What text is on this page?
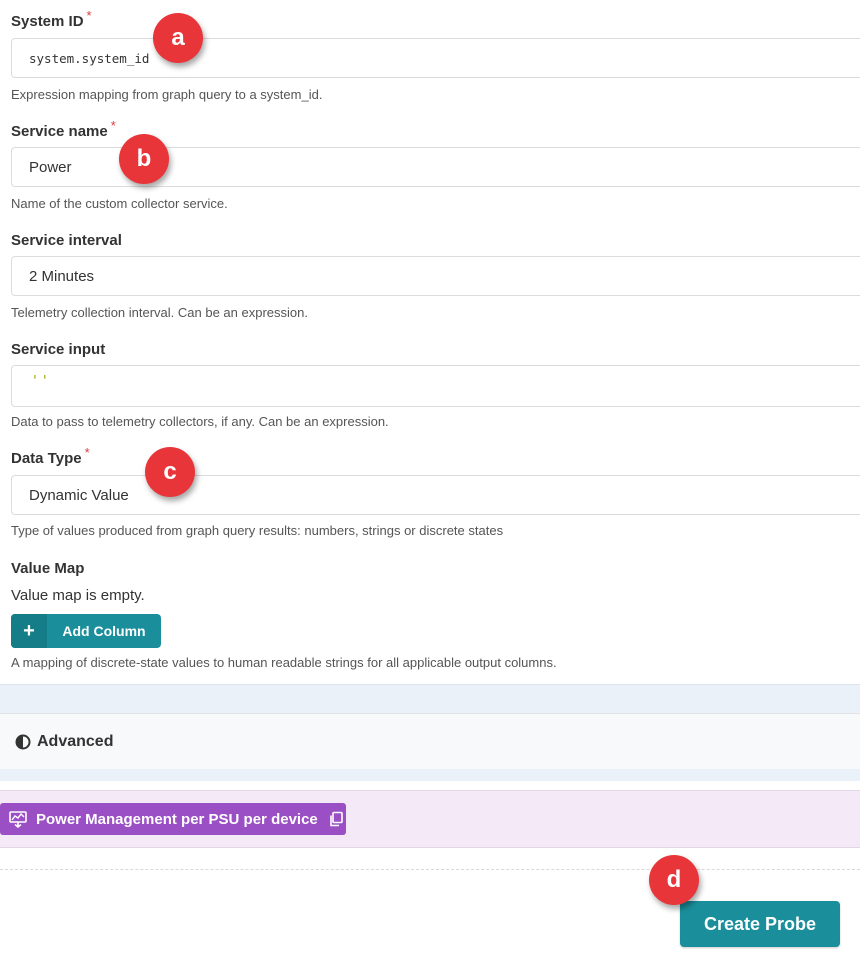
System ID *
system.system_id
Expression mapping from graph query to a system_id.
Service name *
Power
Name of the custom collector service.
Service interval
2 Minutes
Telemetry collection interval. Can be an expression.
Service input
''
Data to pass to telemetry collectors, if any. Can be an expression.
Data Type *
Dynamic Value
Type of values produced from graph query results: numbers, strings or discrete states
Value Map
Value map is empty.
+	Add Column
A mapping of discrete-state values to human readable strings for all applicable output columns.
Advanced
Power Management per PSU per device
Create Probe
a
b
c
d
